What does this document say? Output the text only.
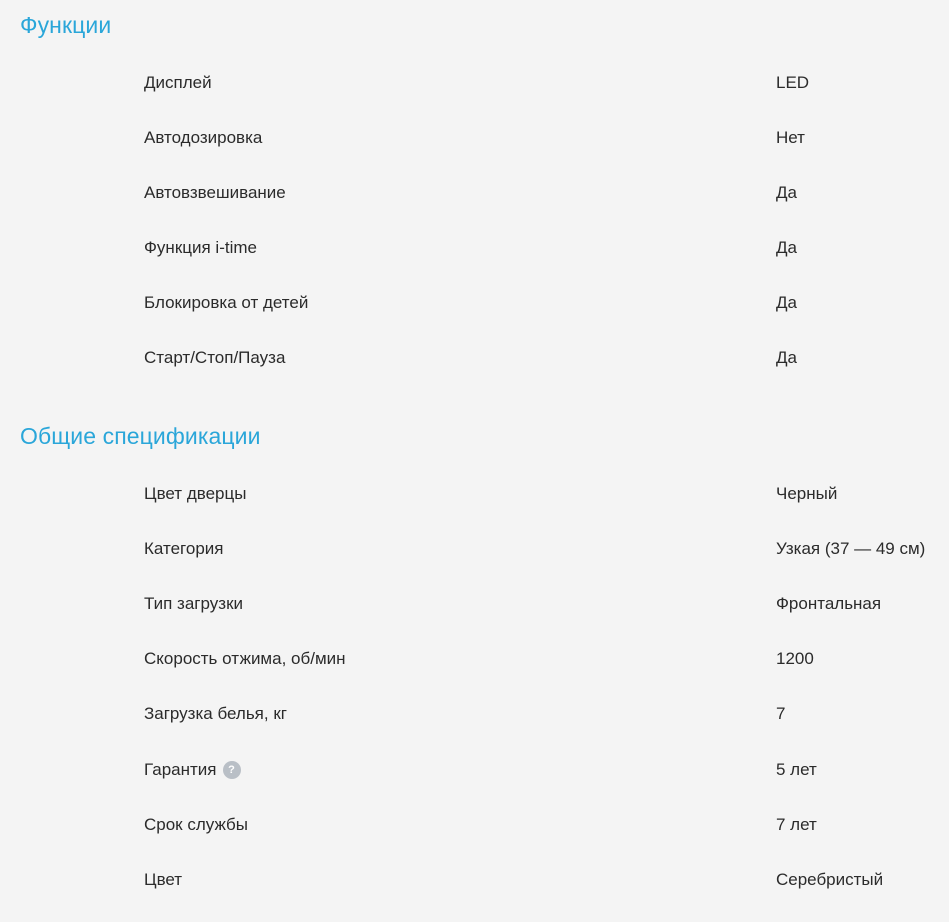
Функции
Дисплей	LED
Автодозировка	Нет
Автовзвешивание	Да
Функция i-time	Да
Блокировка от детей	Да
Старт/Стоп/Пауза	Да
Общие спецификации
Цвет дверцы	Черный
Категория	Узкая (37 — 49 см)
Тип загрузки	Фронтальная
Скорость отжима, об/мин	1200
Загрузка белья, кг	7
Гарантия	?	5 лет
Срок службы	7 лет
Цвет	Серебристый
